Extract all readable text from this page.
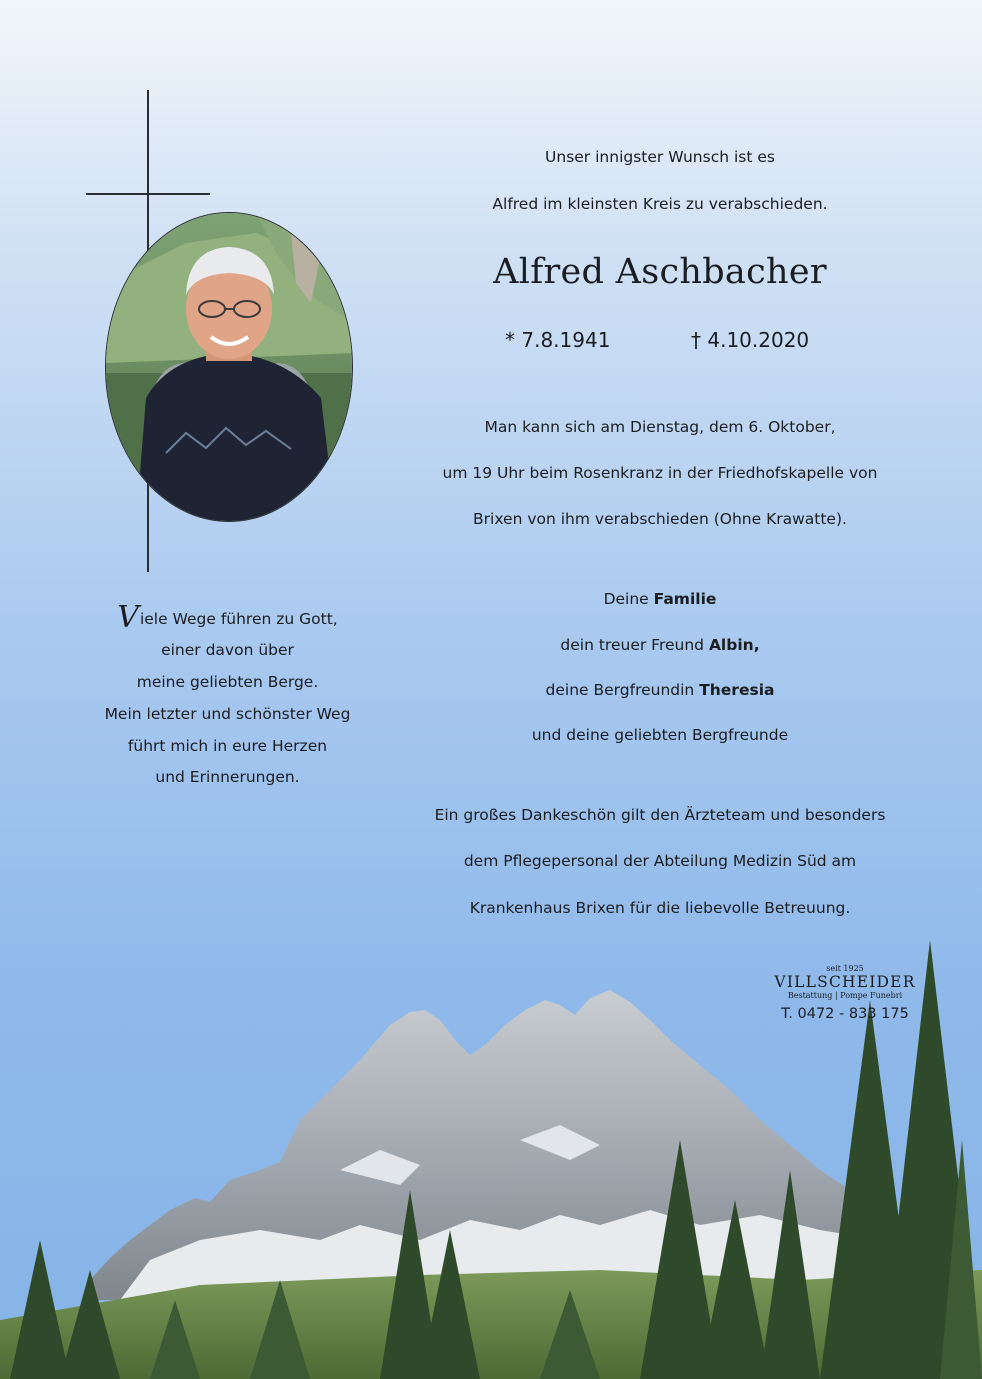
Unser innigster Wunsch ist es
Alfred im kleinsten Kreis zu verabschieden.
Alfred Aschbacher
* 7.8.1941	† 4.10.2020
Man kann sich am Dienstag, dem 6. Oktober,
um 19 Uhr beim Rosenkranz in der Friedhofskapelle von
Brixen von ihm verabschieden (Ohne Krawatte).
Deine Familie
dein treuer Freund Albin,
deine Bergfreundin Theresia
und deine geliebten Bergfreunde
Ein großes Dankeschön gilt den Ärzteteam und besonders
dem Pflegepersonal der Abteilung Medizin Süd am
Krankenhaus Brixen für die liebevolle Betreuung.
Viele Wege führen zu Gott,
einer davon über
meine geliebten Berge.
Mein letzter und schönster Weg
führt mich in eure Herzen
und Erinnerungen.
seit 1925
VILLSCHEIDER
Bestattung | Pompe Funebri
T. 0472 - 833 175
